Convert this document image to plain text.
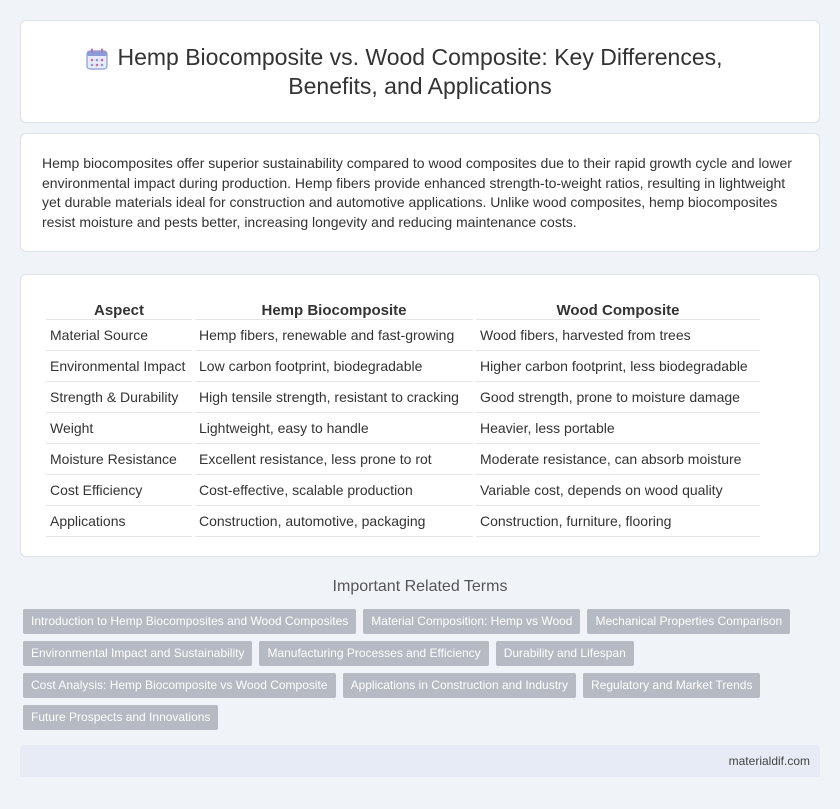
Hemp Biocomposite vs. Wood Composite: Key Differences, Benefits, and Applications

Hemp biocomposites offer superior sustainability compared to wood composites due to their rapid growth cycle and lower environmental impact during production. Hemp fibers provide enhanced strength-to-weight ratios, resulting in lightweight yet durable materials ideal for construction and automotive applications. Unlike wood composites, hemp biocomposites resist moisture and pests better, increasing longevity and reducing maintenance costs.

Aspect	Hemp Biocomposite	Wood Composite
Material Source	Hemp fibers, renewable and fast-growing	Wood fibers, harvested from trees
Environmental Impact	Low carbon footprint, biodegradable	Higher carbon footprint, less biodegradable
Strength & Durability	High tensile strength, resistant to cracking	Good strength, prone to moisture damage
Weight	Lightweight, easy to handle	Heavier, less portable
Moisture Resistance	Excellent resistance, less prone to rot	Moderate resistance, can absorb moisture
Cost Efficiency	Cost-effective, scalable production	Variable cost, depends on wood quality
Applications	Construction, automotive, packaging	Construction, furniture, flooring
Important Related Terms
Introduction to Hemp Biocomposites and Wood Composites	Material Composition: Hemp vs Wood	Mechanical Properties Comparison
Environmental Impact and Sustainability	Manufacturing Processes and Efficiency	Durability and Lifespan
Cost Analysis: Hemp Biocomposite vs Wood Composite	Applications in Construction and Industry	Regulatory and Market Trends
Future Prospects and Innovations
materialdif.com
